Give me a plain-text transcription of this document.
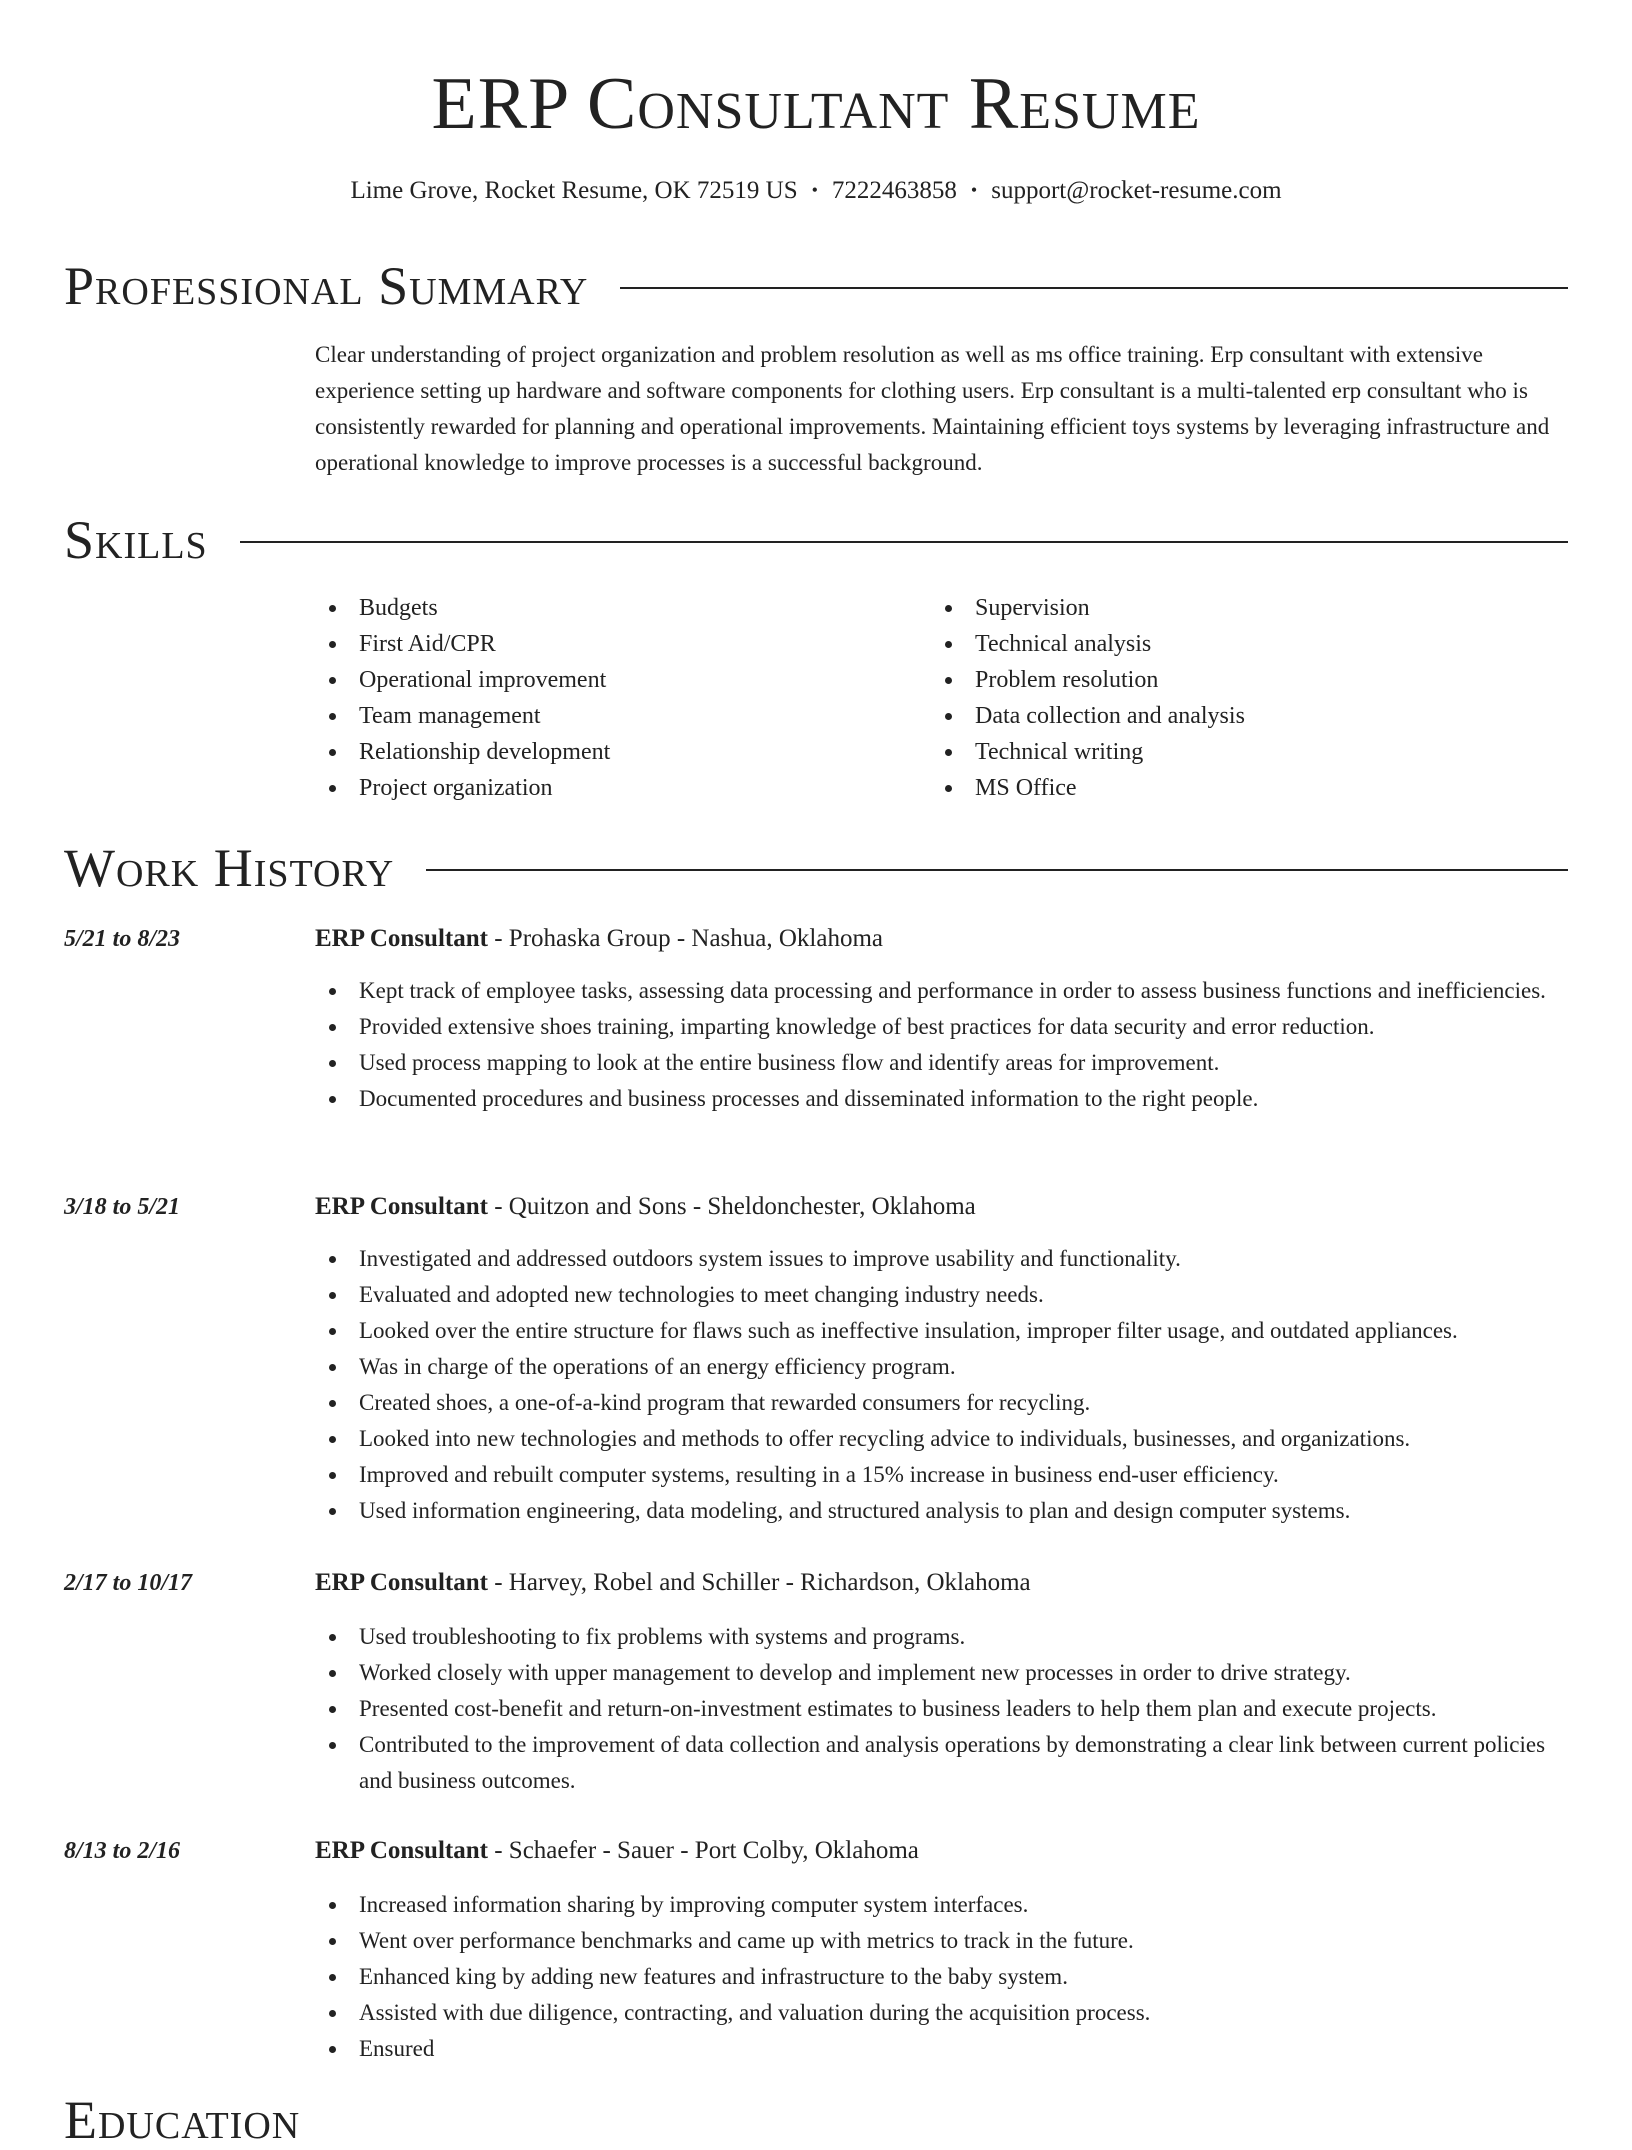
ERP Consultant Resume
Lime Grove, Rocket Resume, OK 72519 US • 7222463858 • support@rocket-resume.com
Professional Summary

Clear understanding of project organization and problem resolution as well as ms office training. Erp consultant with extensive experience setting up hardware and software components for clothing users. Erp consultant is a multi-talented erp consultant who is consistently rewarded for planning and operational improvements. Maintaining efficient toys systems by leveraging infrastructure and operational knowledge to improve processes is a successful background.

Skills
Budgets
First Aid/CPR
Operational improvement
Team management
Relationship development
Project organization
Supervision
Technical analysis
Problem resolution
Data collection and analysis
Technical writing
MS Office
Work History

5/21 to 8/23	ERP Consultant - Prohaska Group - Nashua, Oklahoma

Kept track of employee tasks, assessing data processing and performance in order to assess business functions and inefficiencies.
Provided extensive shoes training, imparting knowledge of best practices for data security and error reduction.
Used process mapping to look at the entire business flow and identify areas for improvement.
Documented procedures and business processes and disseminated information to the right people.

3/18 to 5/21	ERP Consultant - Quitzon and Sons - Sheldonchester, Oklahoma

Investigated and addressed outdoors system issues to improve usability and functionality.
Evaluated and adopted new technologies to meet changing industry needs.
Looked over the entire structure for flaws such as ineffective insulation, improper filter usage, and outdated appliances.
Was in charge of the operations of an energy efficiency program.
Created shoes, a one-of-a-kind program that rewarded consumers for recycling.
Looked into new technologies and methods to offer recycling advice to individuals, businesses, and organizations.
Improved and rebuilt computer systems, resulting in a 15% increase in business end-user efficiency.
Used information engineering, data modeling, and structured analysis to plan and design computer systems.

2/17 to 10/17	ERP Consultant - Harvey, Robel and Schiller - Richardson, Oklahoma

Used troubleshooting to fix problems with systems and programs.
Worked closely with upper management to develop and implement new processes in order to drive strategy.
Presented cost-benefit and return-on-investment estimates to business leaders to help them plan and execute projects.
Contributed to the improvement of data collection and analysis operations by demonstrating a clear link between current policies and business outcomes.

8/13 to 2/16	ERP Consultant - Schaefer - Sauer - Port Colby, Oklahoma

Increased information sharing by improving computer system interfaces.
Went over performance benchmarks and came up with metrics to track in the future.
Enhanced king by adding new features and infrastructure to the baby system.
Assisted with due diligence, contracting, and valuation during the acquisition process.
Ensured
Education
